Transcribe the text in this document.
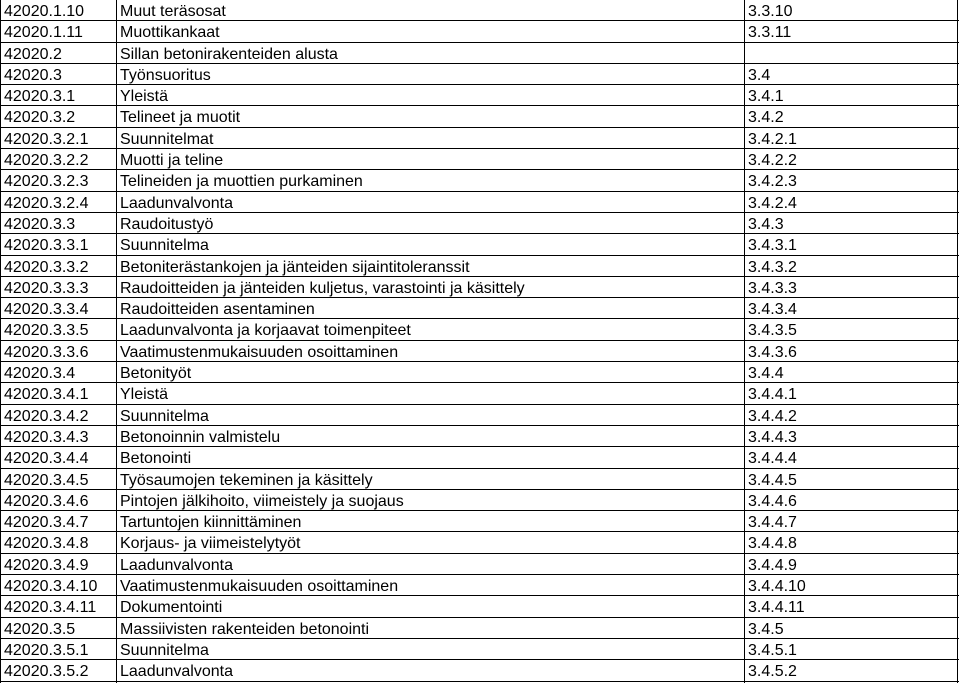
42020.1.10 Muut teräsosat	3.3.10
42020.1.11 Muottikankaat	3.3.11
42020.2	Sillan betonirakenteiden alusta
42020.3	Työnsuoritus	3.4
42020.3.1	Yleistä	3.4.1
42020.3.2	Telineet ja muotit	3.4.2
42020.3.2.1 Suunnitelmat	3.4.2.1
42020.3.2.2 Muotti ja teline	3.4.2.2
42020.3.2.3 Telineiden ja muottien purkaminen	3.4.2.3
42020.3.2.4 Laadunvalvonta	3.4.2.4
42020.3.3	Raudoitustyö	3.4.3
42020.3.3.1 Suunnitelma	3.4.3.1
42020.3.3.2 Betoniterästankojen ja jänteiden sijaintitoleranssit	3.4.3.2
42020.3.3.3 Raudoitteiden ja jänteiden kuljetus, varastointi ja käsittely	3.4.3.3
42020.3.3.4 Raudoitteiden asentaminen	3.4.3.4
42020.3.3.5 Laadunvalvonta ja korjaavat toimenpiteet	3.4.3.5
42020.3.3.6 Vaatimustenmukaisuuden osoittaminen	3.4.3.6
42020.3.4	Betonityöt	3.4.4
42020.3.4.1 Yleistä	3.4.4.1
42020.3.4.2 Suunnitelma	3.4.4.2
42020.3.4.3 Betonoinnin valmistelu	3.4.4.3
42020.3.4.4 Betonointi	3.4.4.4
42020.3.4.5 Työsaumojen tekeminen ja käsittely	3.4.4.5
42020.3.4.6 Pintojen jälkihoito, viimeistely ja suojaus	3.4.4.6
42020.3.4.7 Tartuntojen kiinnittäminen	3.4.4.7
42020.3.4.8 Korjaus- ja viimeistelytyöt	3.4.4.8
42020.3.4.9 Laadunvalvonta	3.4.4.9
42020.3.4.10 Vaatimustenmukaisuuden osoittaminen	3.4.4.10
42020.3.4.11 Dokumentointi	3.4.4.11
42020.3.5	Massiivisten rakenteiden betonointi	3.4.5
42020.3.5.1 Suunnitelma	3.4.5.1
42020.3.5.2 Laadunvalvonta	3.4.5.2
